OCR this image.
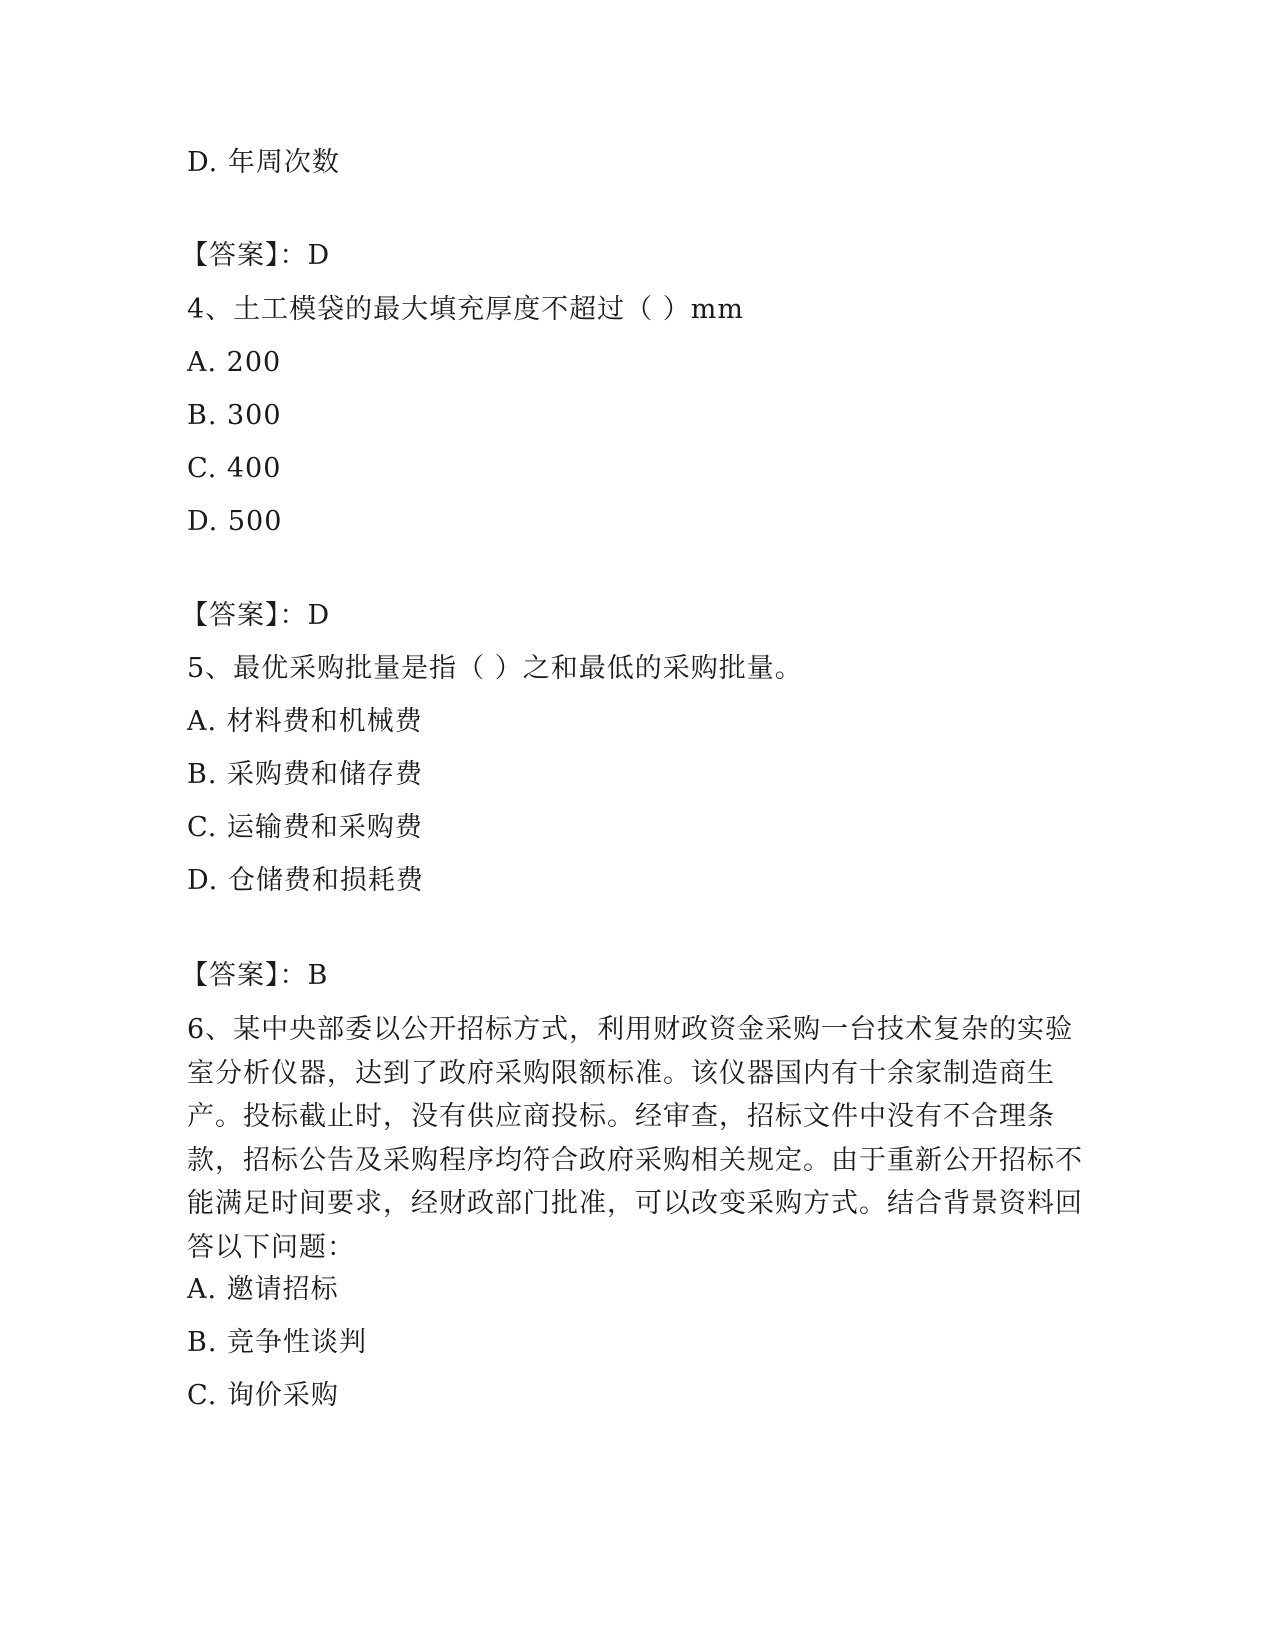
D. 年周次数
【答案】：D
4、土工模袋的最大填充厚度不超过（ ）mm
A. 200
B. 300
C. 400
D. 500
【答案】：D
5、最优采购批量是指（ ）之和最低的采购批量。
A. 材料费和机械费
B. 采购费和储存费
C. 运输费和采购费
D. 仓储费和损耗费
【答案】：B
6、某中央部委以公开招标方式，利用财政资金采购一台技术复杂的实验室分析仪器，达到了政府采购限额标准。该仪器国内有十余家制造商生产。投标截止时，没有供应商投标。经审查，招标文件中没有不合理条款，招标公告及采购程序均符合政府采购相关规定。由于重新公开招标不能满足时间要求，经财政部门批准，可以改变采购方式。结合背景资料回答以下问题：
A. 邀请招标
B. 竞争性谈判
C. 询价采购
